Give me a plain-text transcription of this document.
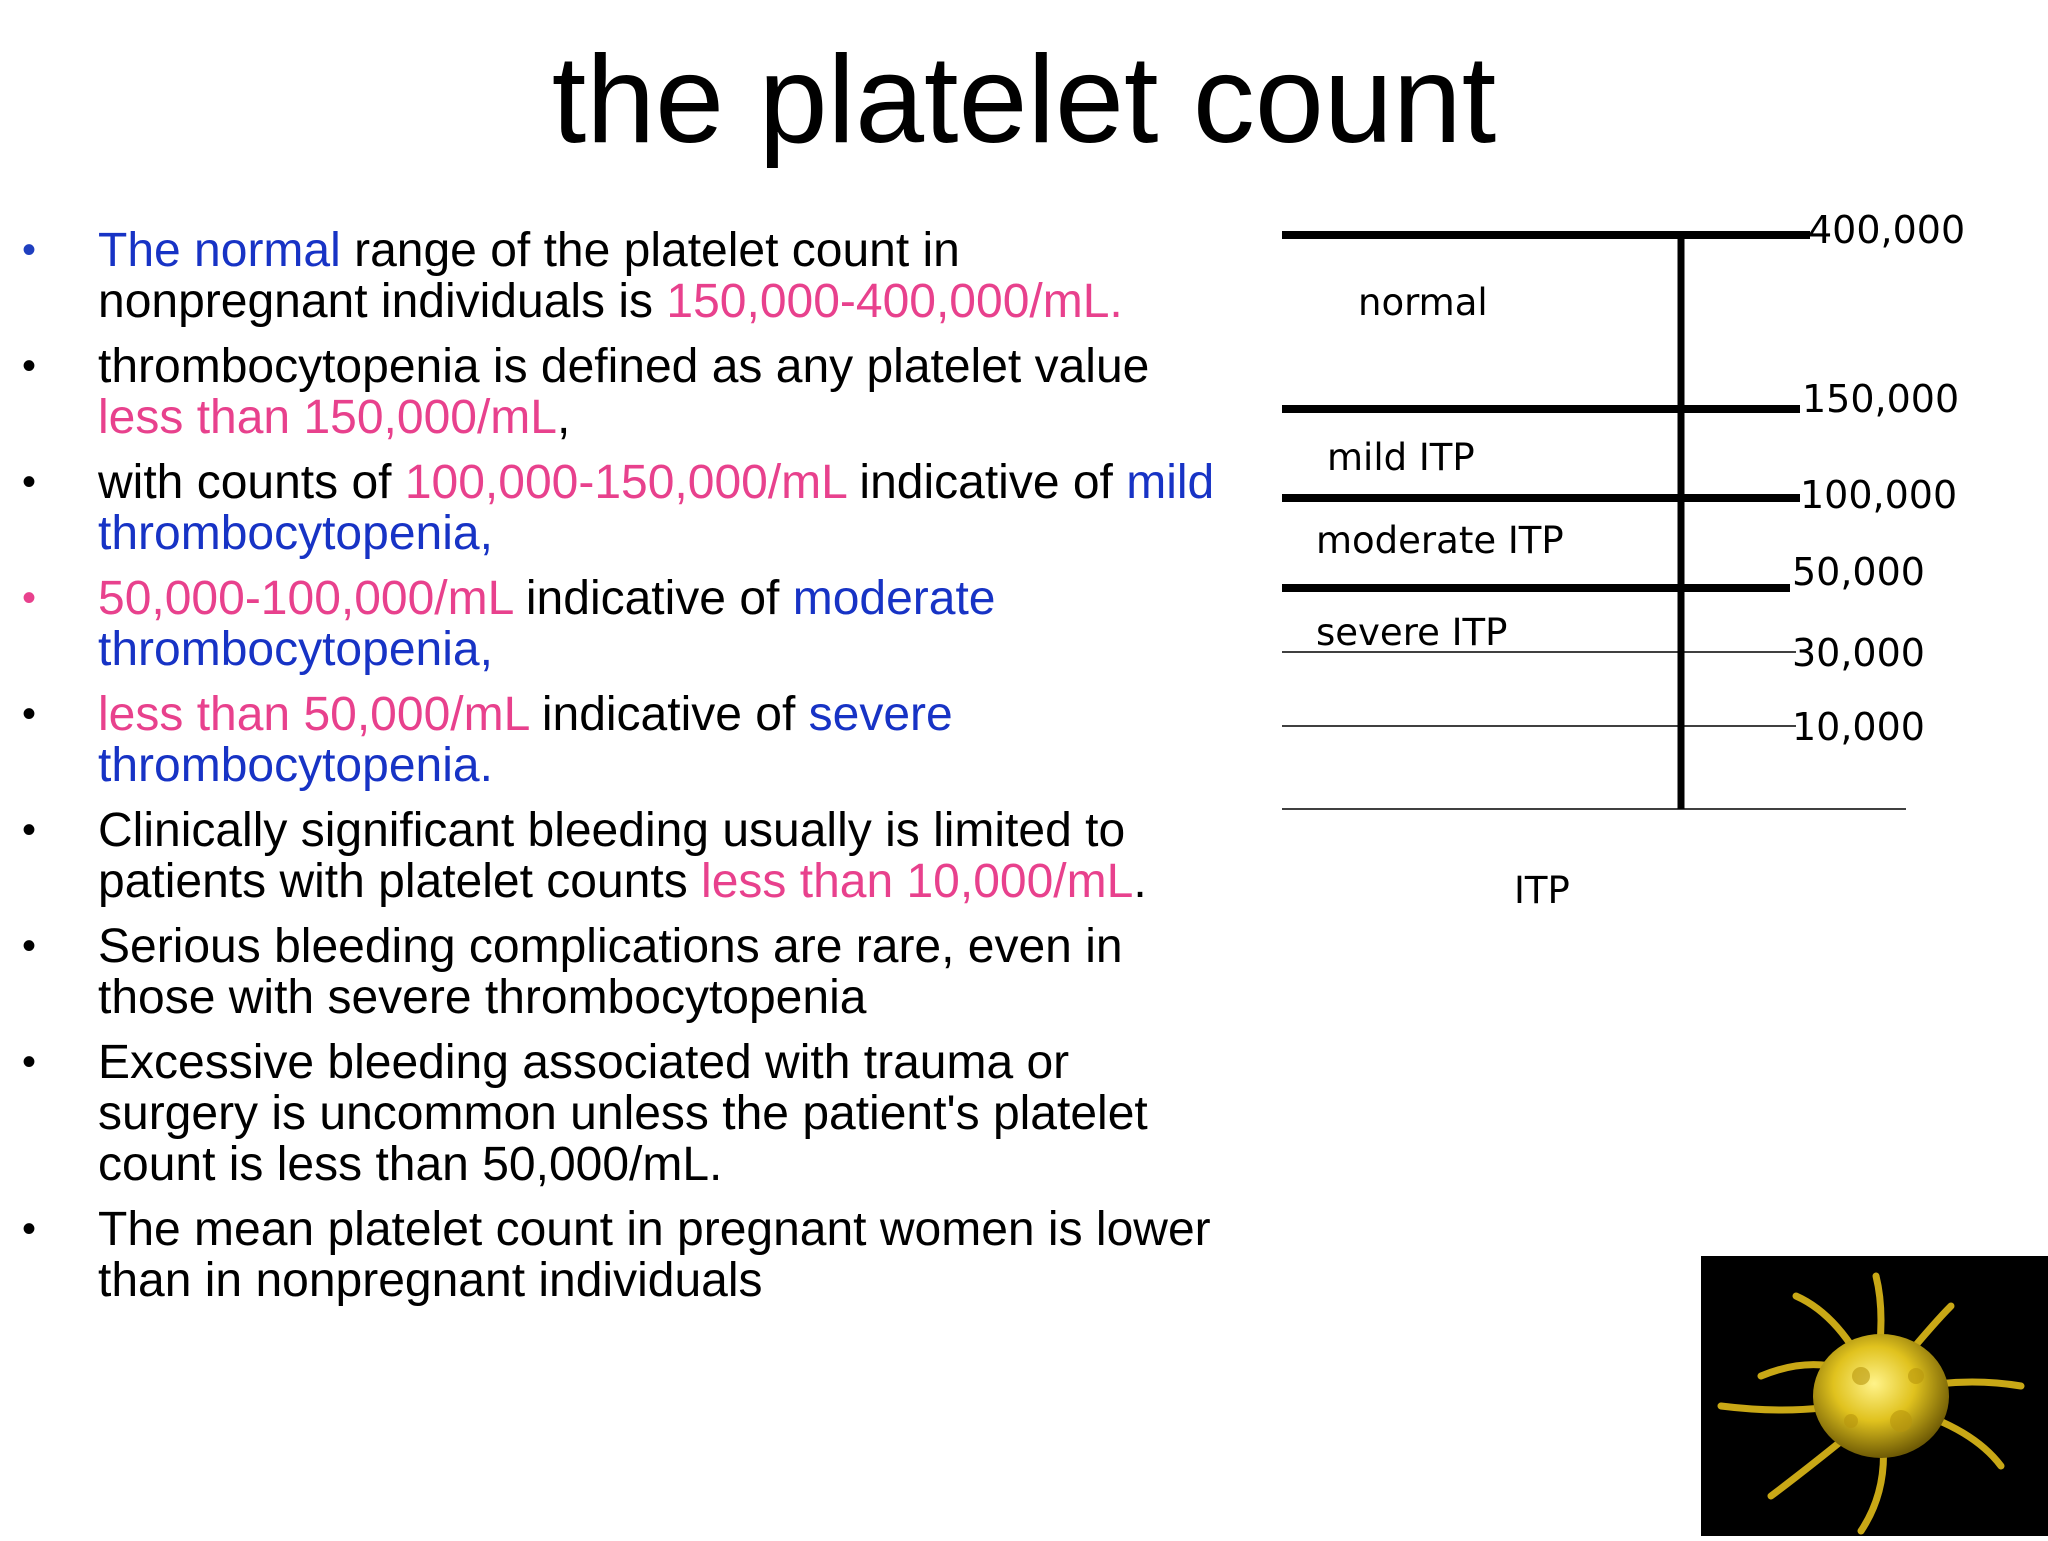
the platelet count
•	The normal range of the platelet count in nonpregnant individuals is 150,000-400,000/mL.
•	thrombocytopenia is defined as any platelet value less than 150,000/mL,
•	with counts of 100,000-150,000/mL indicative of mild thrombocytopenia,
•	50,000-100,000/mL indicative of moderate thrombocytopenia,
•	less than 50,000/mL indicative of severe thrombocytopenia.
•	Clinically significant bleeding usually is limited to patients with platelet counts less than 10,000/mL.
•	Serious bleeding complications are rare, even in those with severe thrombocytopenia
•	Excessive bleeding associated with trauma or surgery is uncommon unless the patient's platelet count is less than 50,000/mL.
•	The mean platelet count in pregnant women is lower than in nonpregnant individuals
normal
mild ITP
moderate ITP
severe ITP
400,000
150,000
100,000
50,000
30,000
10,000
ITP
